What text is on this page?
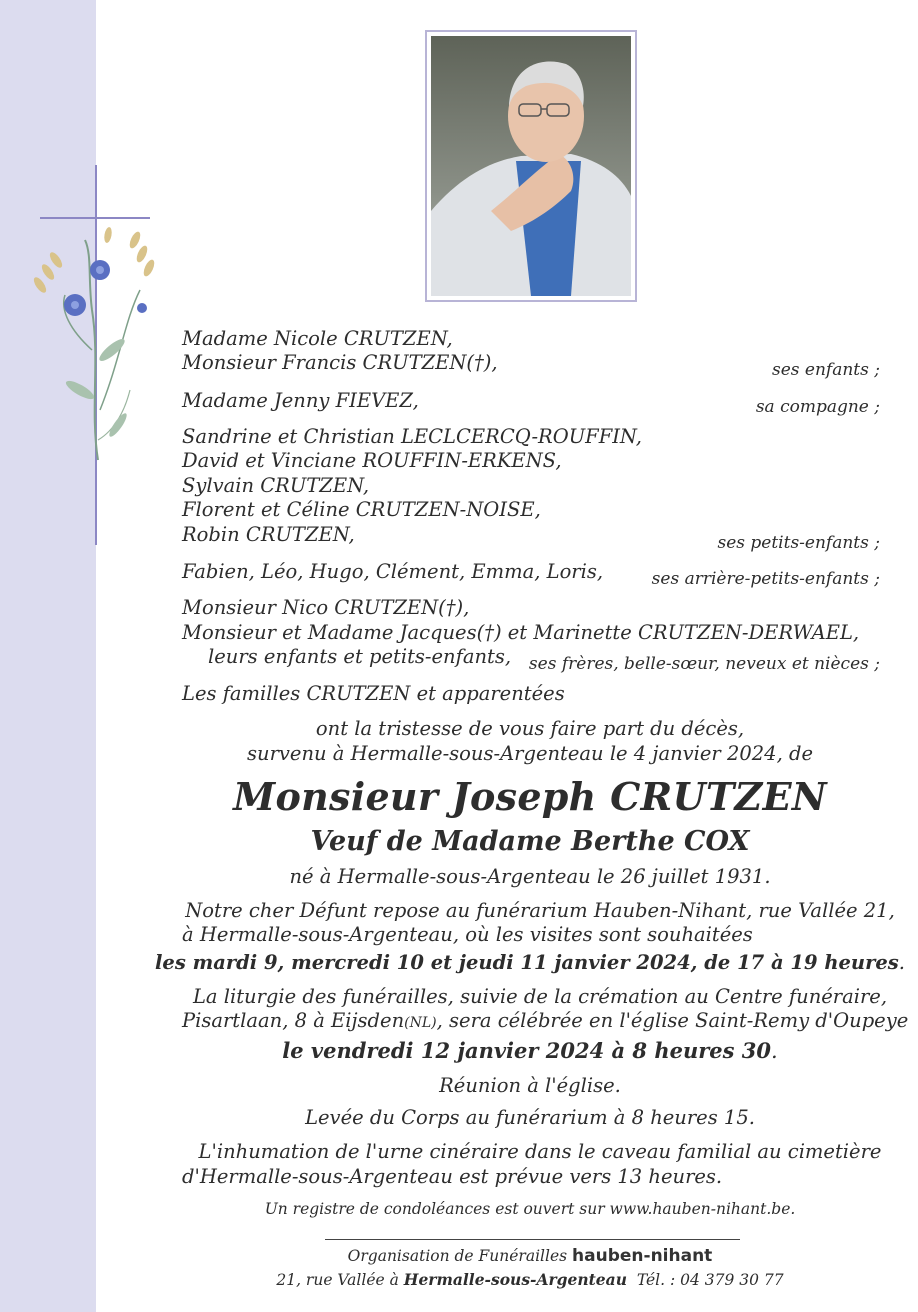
Madame Nicole CRUTZEN,
Monsieur Francis CRUTZEN(†),	ses enfants ;
Madame Jenny FIEVEZ,	sa compagne ;
Sandrine et Christian LECLCERCQ-ROUFFIN,
David et Vinciane ROUFFIN-ERKENS,
Sylvain CRUTZEN,
Florent et Céline CRUTZEN-NOISE,
Robin CRUTZEN,	ses petits-enfants ;
Fabien, Léo, Hugo, Clément, Emma, Loris,	ses arrière-petits-enfants ;
Monsieur Nico CRUTZEN(†),
Monsieur et Madame Jacques(†) et Marinette CRUTZEN-DERWAEL,
leurs enfants et petits-enfants, ses frères, belle-sœur, neveux et nièces ;
Les familles CRUTZEN et apparentées
ont la tristesse de vous faire part du décès,
survenu à Hermalle-sous-Argenteau le 4 janvier 2024, de
Monsieur Joseph CRUTZEN
Veuf de Madame Berthe COX
né à Hermalle-sous-Argenteau le 26 juillet 1931.
Notre cher Défunt repose au funérarium Hauben-Nihant, rue Vallée 21,
à Hermalle-sous-Argenteau, où les visites sont souhaitées
les mardi 9, mercredi 10 et jeudi 11 janvier 2024, de 17 à 19 heures.
La liturgie des funérailles, suivie de la crémation au Centre funéraire,
Pisartlaan, 8 à Eijsden(NL), sera célébrée en l'église Saint-Remy d'Oupeye
le vendredi 12 janvier 2024 à 8 heures 30.
Réunion à l'église.
Levée du Corps au funérarium à 8 heures 15.
L'inhumation de l'urne cinéraire dans le caveau familial au cimetière
d'Hermalle-sous-Argenteau est prévue vers 13 heures.
Un registre de condoléances est ouvert sur www.hauben-nihant.be.
Organisation de Funérailles hauben-nihant
21, rue Vallée à Hermalle-sous-Argenteau Tél. : 04 379 30 77
